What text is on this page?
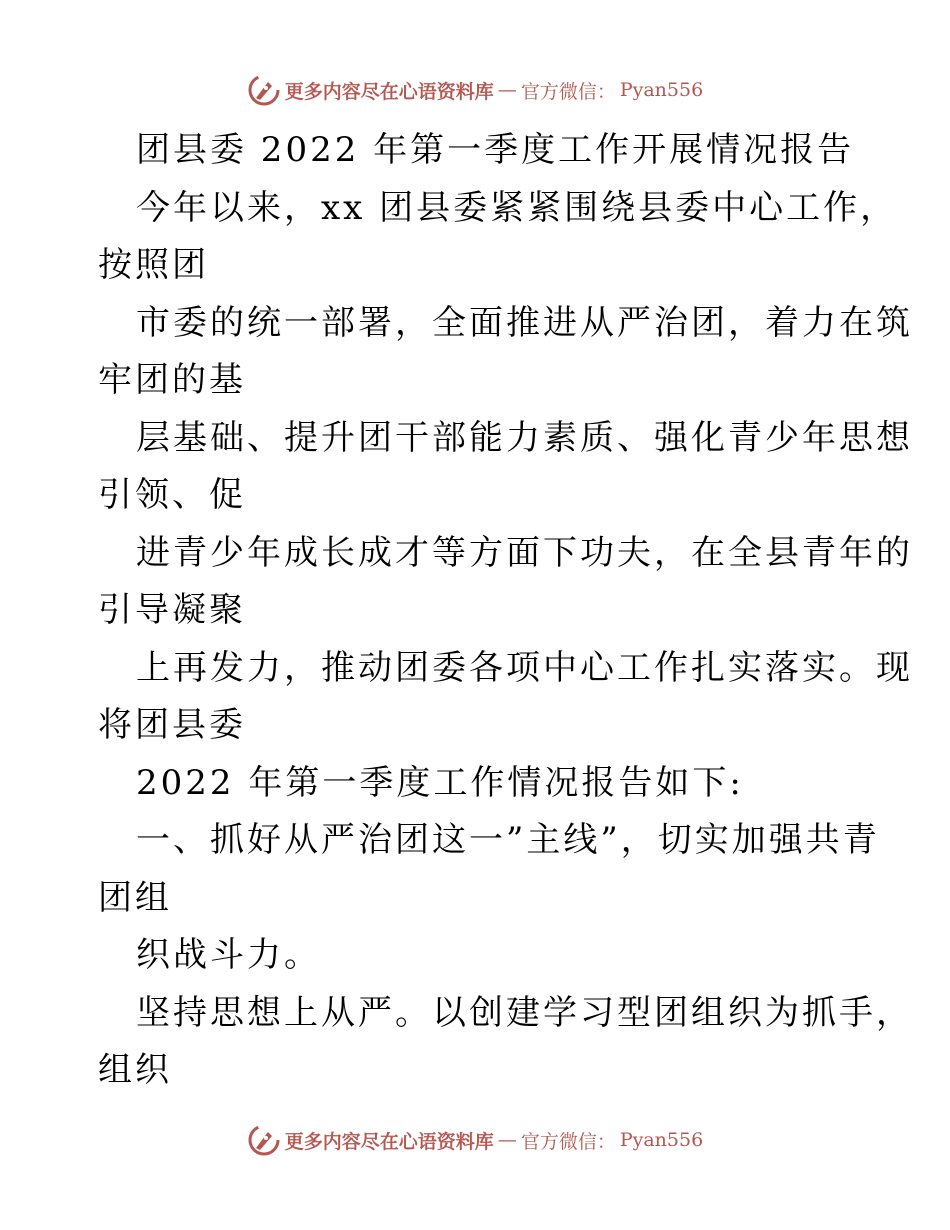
更多内容尽在心语资料库 — 官方微信： Pyan556
团县委 2022 年第一季度工作开展情况报告
今年以来，xx 团县委紧紧围绕县委中心工作，
按照团
市委的统一部署，全面推进从严治团，着力在筑
牢团的基
层基础、提升团干部能力素质、强化青少年思想
引领、促
进青少年成长成才等方面下功夫，在全县青年的
引导凝聚
上再发力，推动团委各项中心工作扎实落实。现
将团县委
2022 年第一季度工作情况报告如下:
一、抓好从严治团这一”主线”，切实加强共青
团组
织战斗力。
坚持思想上从严。以创建学习型团组织为抓手，
组织
更多内容尽在心语资料库 — 官方微信： Pyan556
